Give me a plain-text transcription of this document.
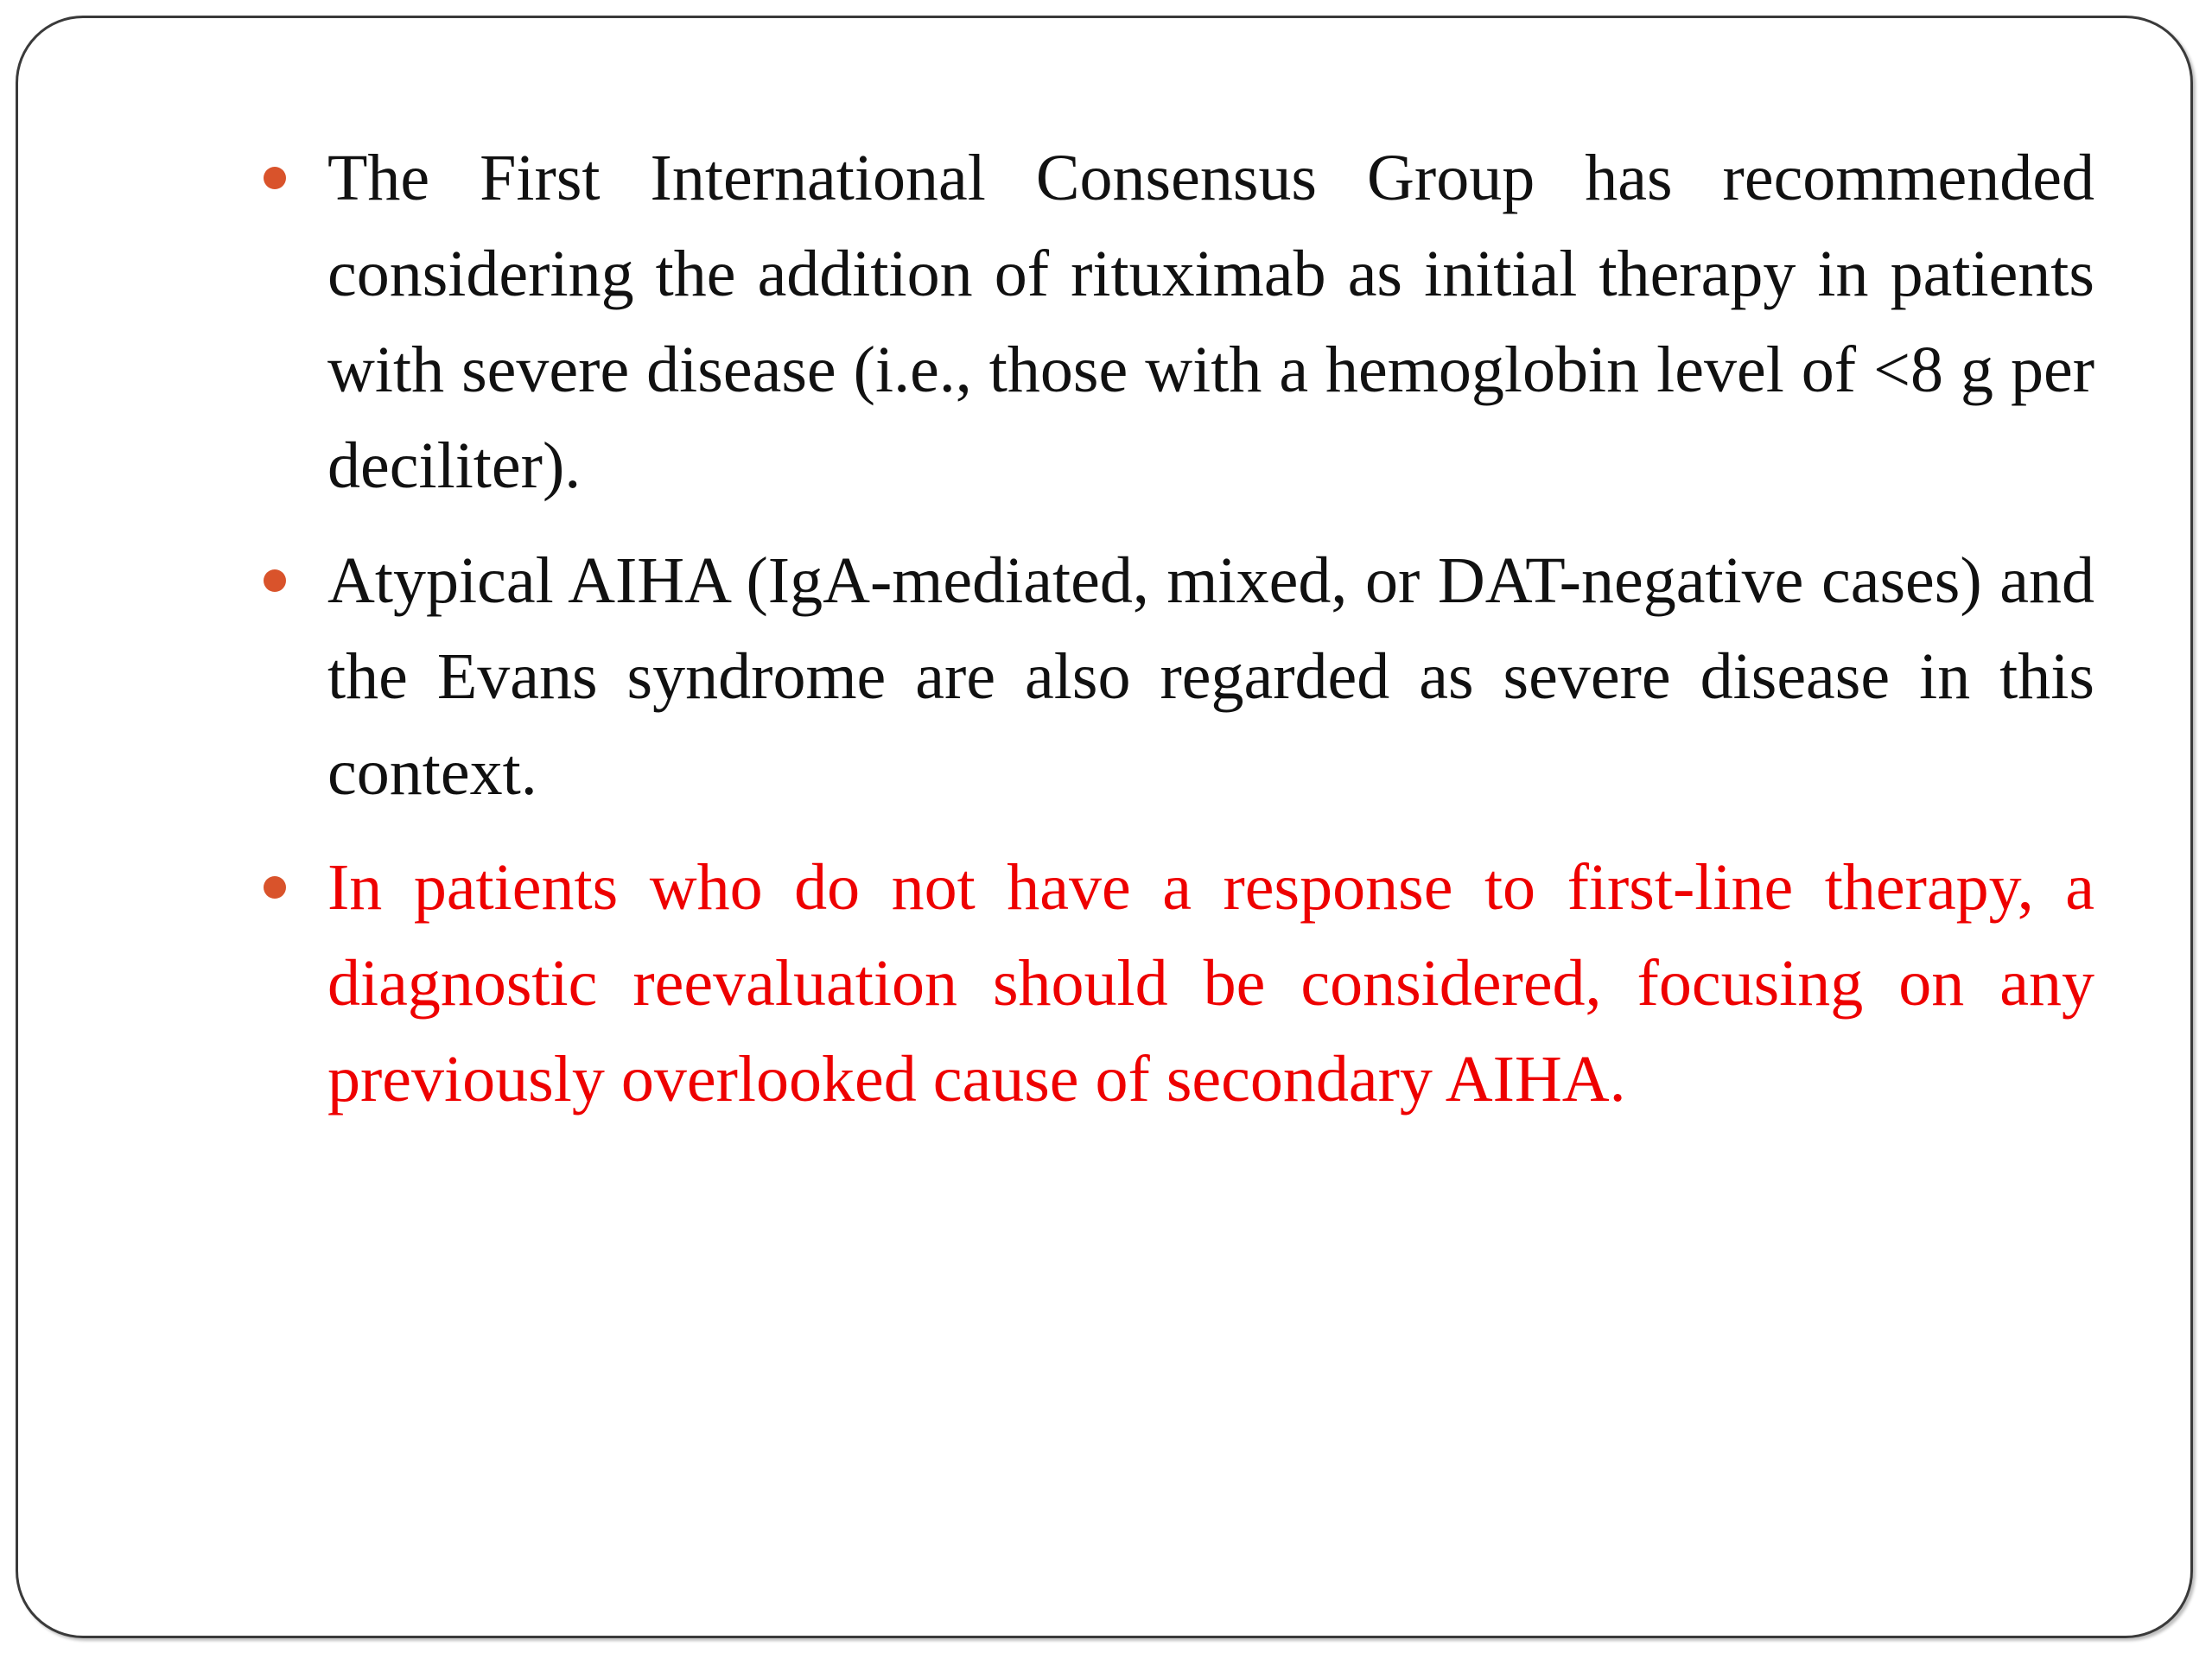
The First International Consensus Group has recommended considering the addition of rituximab as initial therapy in patients with severe disease (i.e., those with a hemoglobin level of <8 g per deciliter).
Atypical AIHA (IgA-mediated, mixed, or DAT-negative cases) and the Evans syndrome are also regarded as severe disease in this context.
In patients who do not have a response to first-line therapy, a diagnostic reevaluation should be considered, focusing on any previously overlooked cause of secondary AIHA.
